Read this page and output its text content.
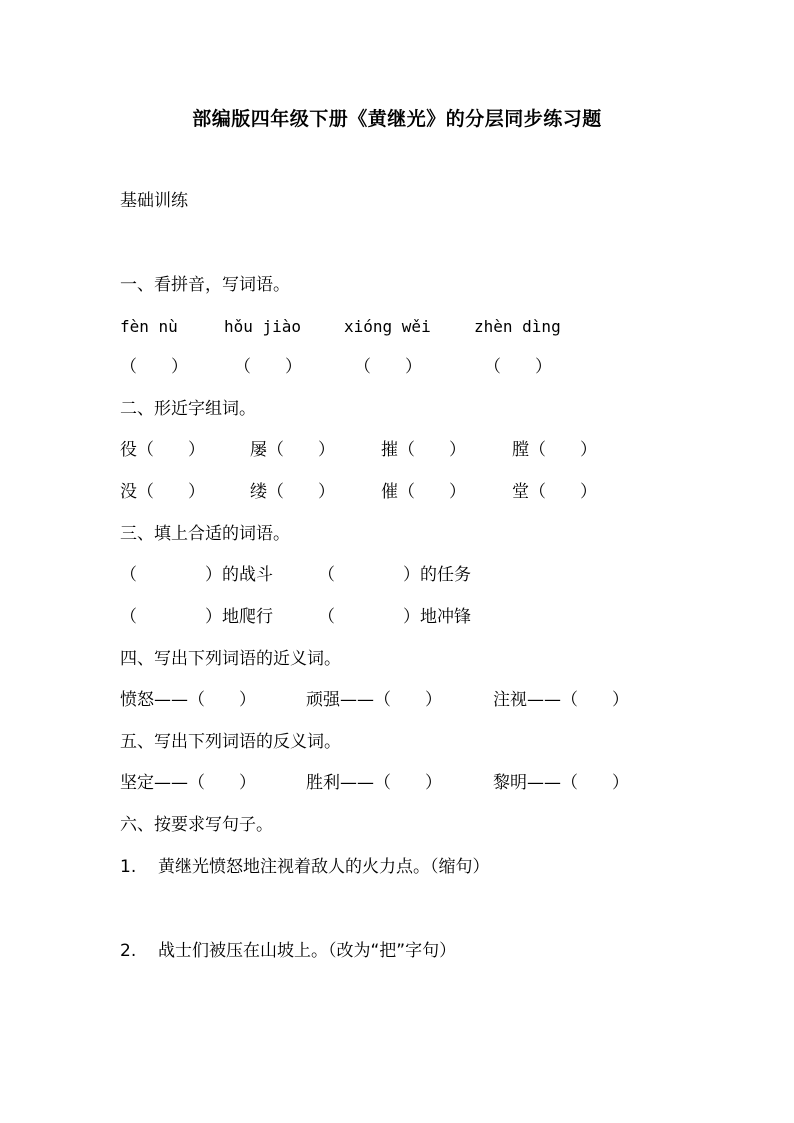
部编版四年级下册《黄继光》的分层同步练习题
基础训练
一、看拼音，写词语。
fèn nù	hǒu jiào	xióng wěi	zhèn dìng
（　　）	（　　）	（　　）	（　　）
二、形近字组词。
役（　　）	屡（　　）	摧（　　）	膛（　　）
没（　　）	缕（　　）	催（　　）	堂（　　）
三、填上合适的词语。
（　　　　）的战斗	（　　　　）的任务
（　　　　）地爬行	（　　　　）地冲锋
四、写出下列词语的近义词。
愤怒——（　　）	顽强——（　　）	注视——（　　）
五、写出下列词语的反义词。
坚定——（　　）	胜利——（　　）	黎明——（　　）
六、按要求写句子。
1. 黄继光愤怒地注视着敌人的火力点。（缩句）
2. 战士们被压在山坡上。（改为“把”字句）
